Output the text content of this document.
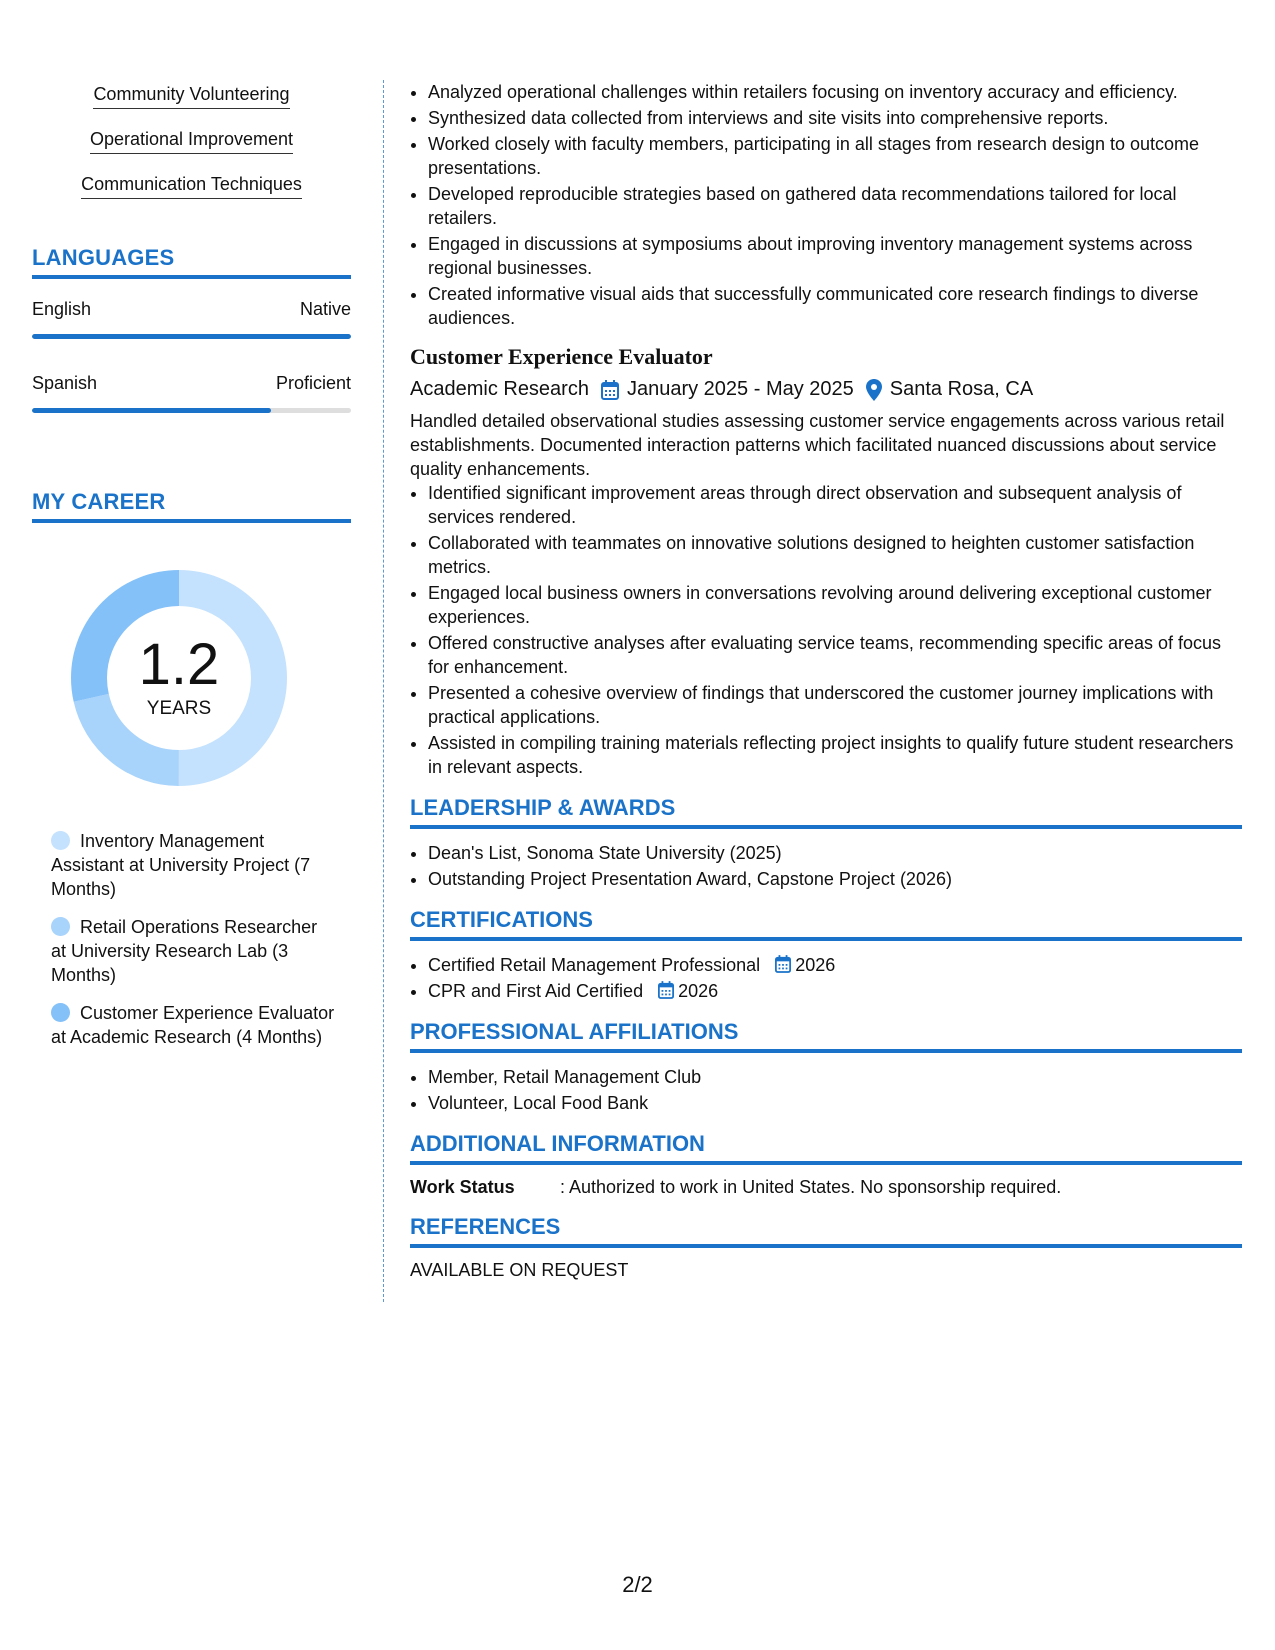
Community Volunteering
Operational Improvement
Communication Techniques
LANGUAGES
English	Native
Spanish	Proficient
MY CAREER
1.2
YEARS
Inventory Management Assistant at University Project (7 Months)
Retail Operations Researcher at University Research Lab (3 Months)
Customer Experience Evaluator at Academic Research (4 Months)
• Analyzed operational challenges within retailers focusing on inventory accuracy and efficiency.
• Synthesized data collected from interviews and site visits into comprehensive reports.
• Worked closely with faculty members, participating in all stages from research design to outcome presentations.
• Developed reproducible strategies based on gathered data recommendations tailored for local retailers.
• Engaged in discussions at symposiums about improving inventory management systems across regional businesses.
• Created informative visual aids that successfully communicated core research findings to diverse audiences.
Customer Experience Evaluator
Academic Research January 2025 - May 2025 Santa Rosa, CA
Handled detailed observational studies assessing customer service engagements across various retail establishments. Documented interaction patterns which facilitated nuanced discussions about service quality enhancements.
• Identified significant improvement areas through direct observation and subsequent analysis of services rendered.
• Collaborated with teammates on innovative solutions designed to heighten customer satisfaction metrics.
• Engaged local business owners in conversations revolving around delivering exceptional customer experiences.
• Offered constructive analyses after evaluating service teams, recommending specific areas of focus for enhancement.
• Presented a cohesive overview of findings that underscored the customer journey implications with practical applications.
• Assisted in compiling training materials reflecting project insights to qualify future student researchers in relevant aspects.
LEADERSHIP & AWARDS
• Dean's List, Sonoma State University (2025)
• Outstanding Project Presentation Award, Capstone Project (2026)
CERTIFICATIONS
• Certified Retail Management Professional 2026
• CPR and First Aid Certified 2026
PROFESSIONAL AFFILIATIONS
• Member, Retail Management Club
• Volunteer, Local Food Bank
ADDITIONAL INFORMATION
Work Status	: Authorized to work in United States. No sponsorship required.
REFERENCES
AVAILABLE ON REQUEST
2/2
